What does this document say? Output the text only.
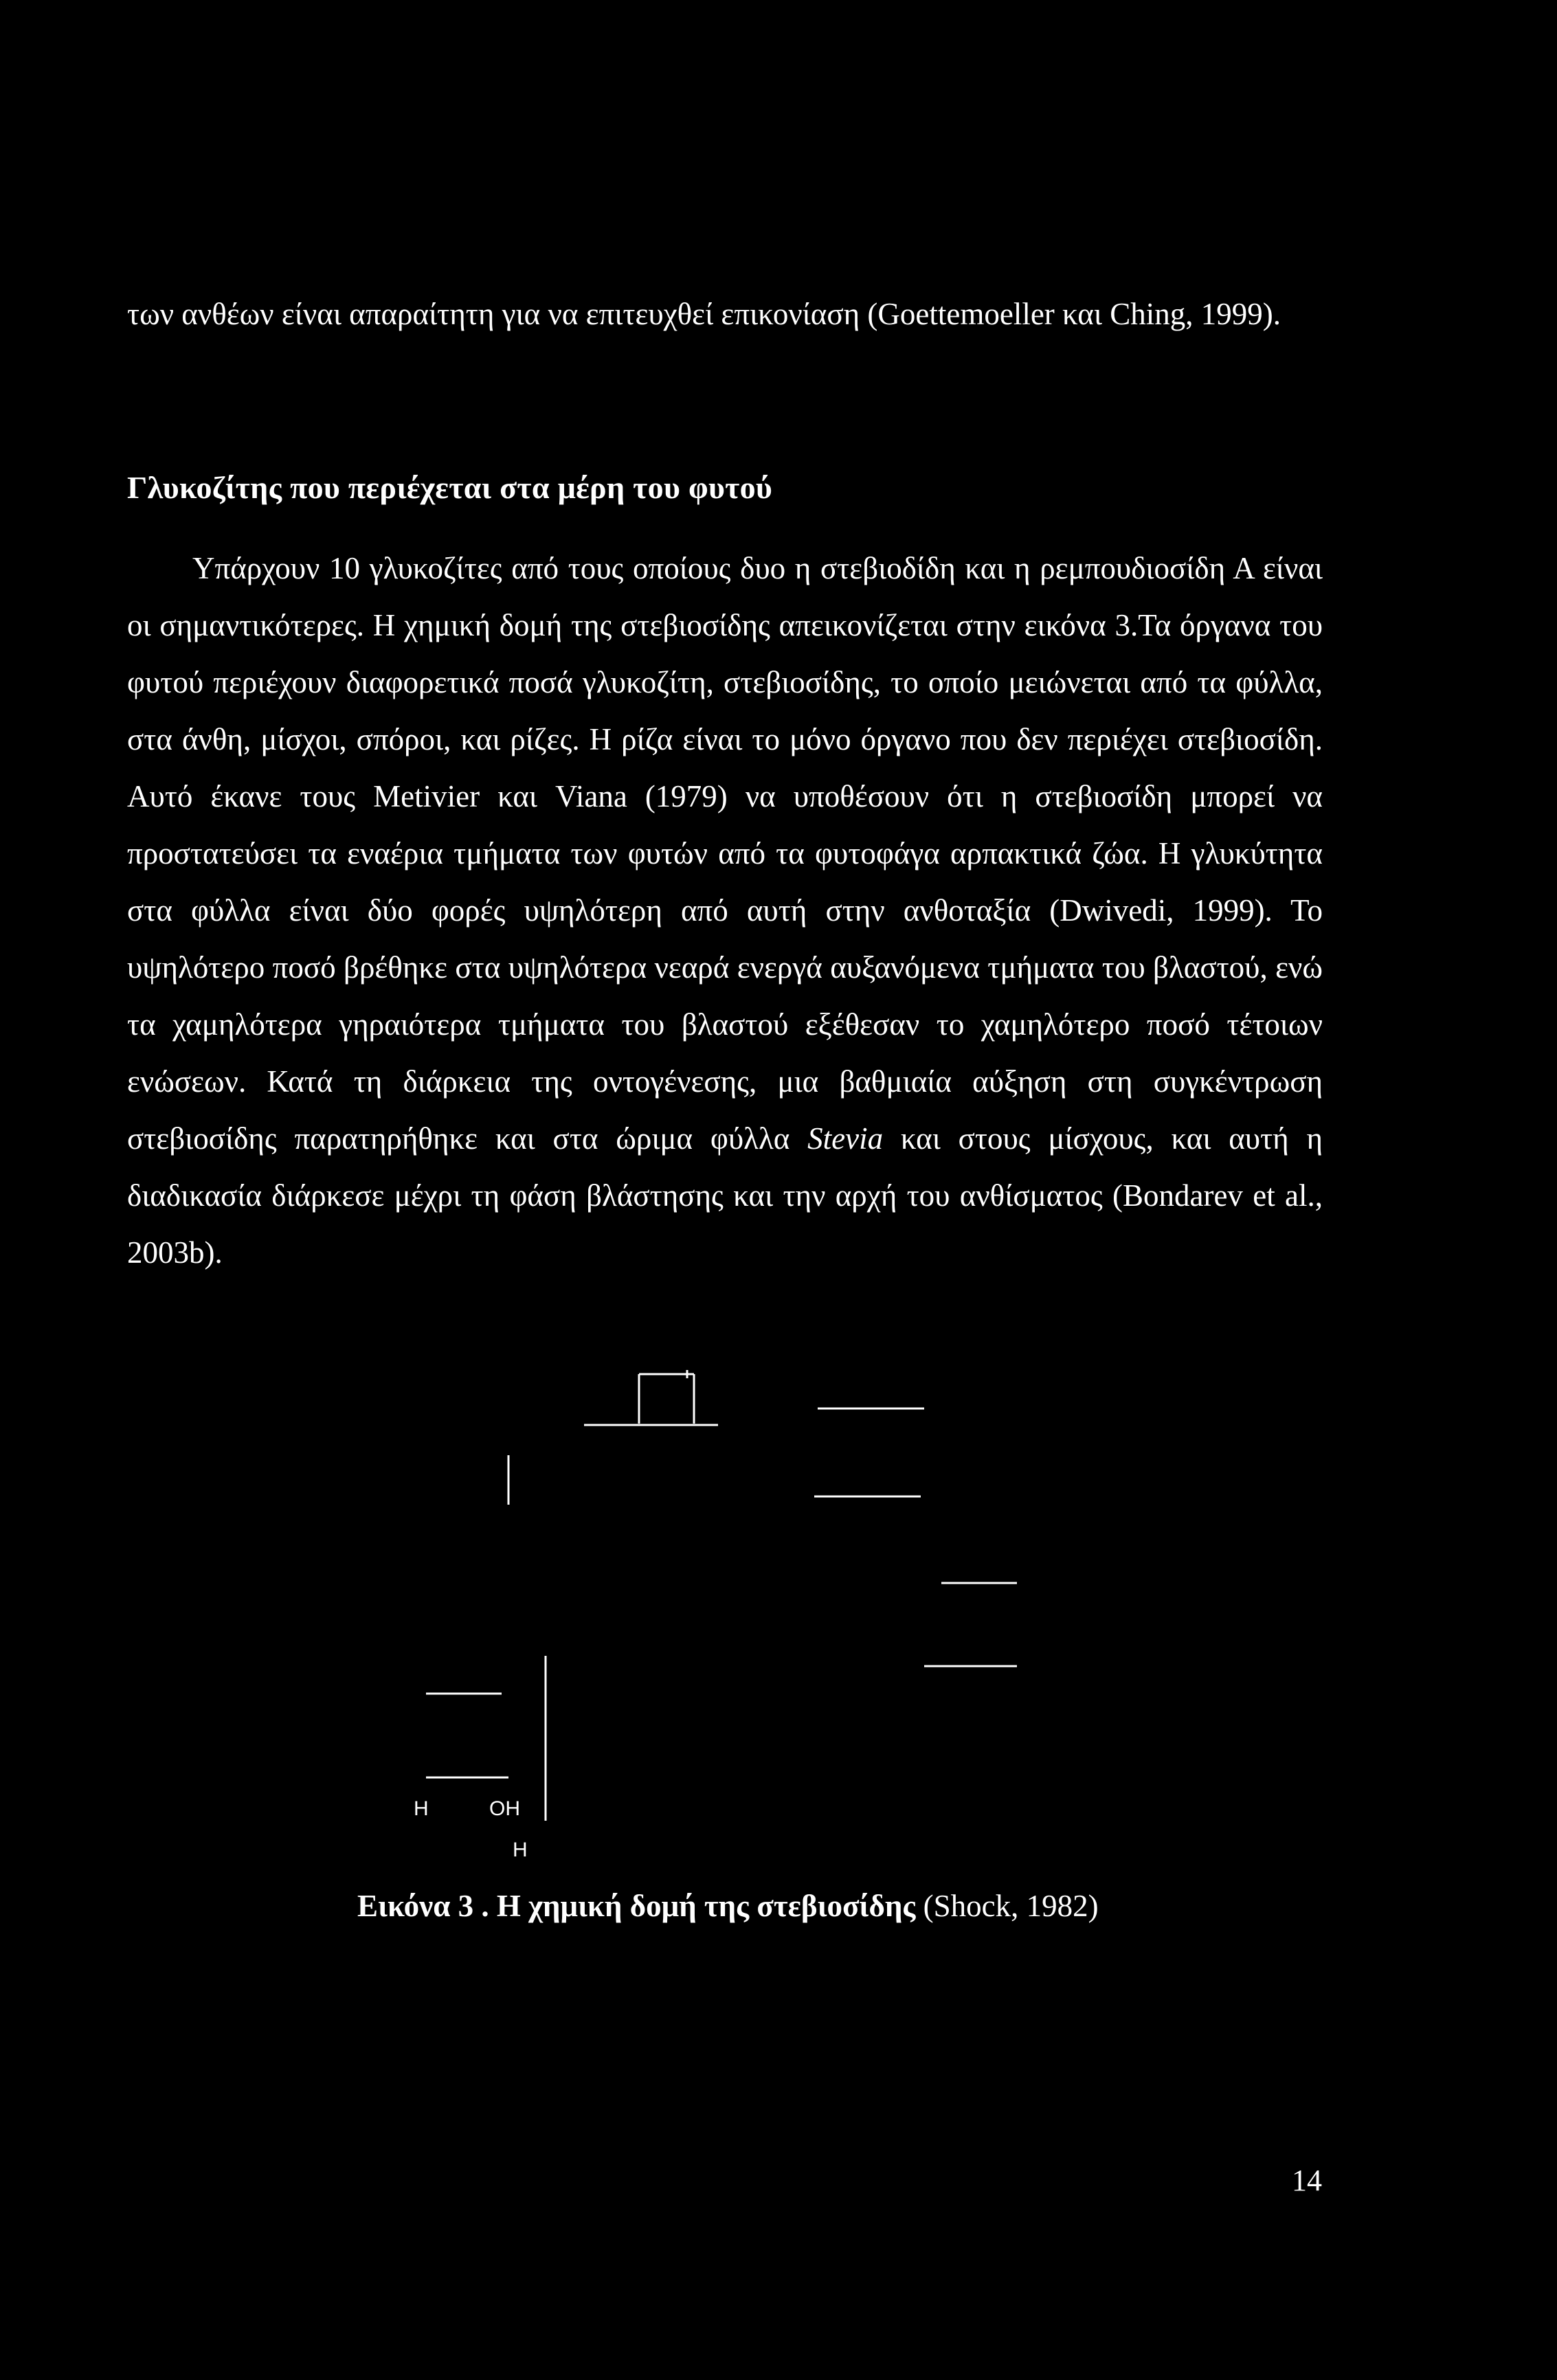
των ανθέων είναι απαραίτητη για να επιτευχθεί επικονίαση (Goettemoeller και Ching, 1999).

Γλυκοζίτης που περιέχεται στα μέρη του φυτού

Υπάρχουν 10 γλυκοζίτες από τους οποίους δυο η στεβιοδίδη και η ρεμπουδιοσίδη Α είναι οι σημαντικότερες. Η χημική δομή της στεβιοσίδης απεικονίζεται στην εικόνα 3.Τα όργανα του φυτού περιέχουν διαφορετικά ποσά γλυκοζίτη, στεβιοσίδης, το οποίο μειώνεται από τα φύλλα, στα άνθη, μίσχοι, σπόροι, και ρίζες. Η ρίζα είναι το μόνο όργανο που δεν περιέχει στεβιοσίδη. Αυτό έκανε τους Metivier και Viana (1979) να υποθέσουν ότι η στεβιοσίδη μπορεί να προστατεύσει τα εναέρια τμήματα των φυτών από τα φυτοφάγα αρπακτικά ζώα. Η γλυκύτητα στα φύλλα είναι δύο φορές υψηλότερη από αυτή στην ανθοταξία (Dwivedi, 1999). Το υψηλότερο ποσό βρέθηκε στα υψηλότερα νεαρά ενεργά αυξανόμενα τμήματα του βλαστού, ενώ τα χαμηλότερα γηραιότερα τμήματα του βλαστού εξέθεσαν το χαμηλότερο ποσό τέτοιων ενώσεων. Κατά τη διάρκεια της οντογένεσης, μια βαθμιαία αύξηση στη συγκέντρωση στεβιοσίδης παρατηρήθηκε και στα ώριμα φύλλα Stevia και στους μίσχους, και αυτή η διαδικασία διάρκεσε μέχρι τη φάση βλάστησης και την αρχή του ανθίσματος (Bondarev et al., 2003b).

H	OH
H

Εικόνα 3 . Η χημική δομή της στεβιοσίδης (Shock, 1982)

14
